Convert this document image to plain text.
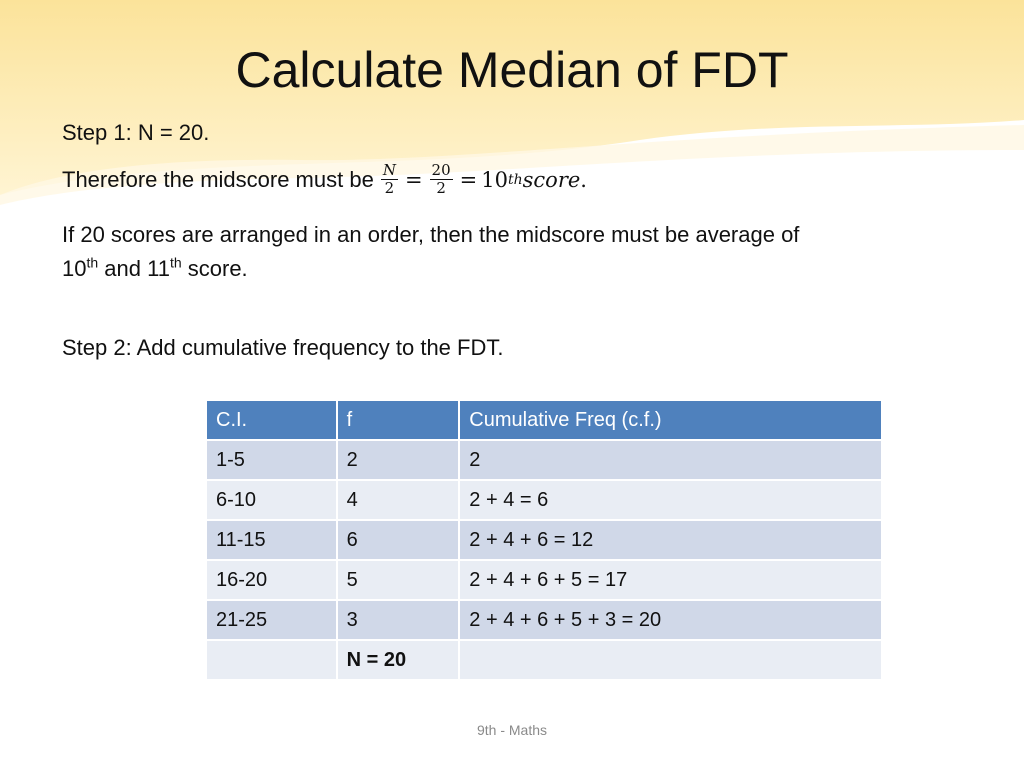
Calculate Median of FDT
Step 1: N = 20.
Therefore the midscore must be $\frac{N}{2} = \frac{20}{2} = 10$ th score .
If 20 scores are arranged in an order, then the midscore must be average of
10th and 11th score.
Step 2: Add cumulative frequency to the FDT.
C.I.	f	Cumulative Freq (c.f.)
1-5	2	2
6-10	4	2 + 4 = 6
11-15	6	2 + 4 + 6 = 12
16-20	5	2 + 4 + 6 + 5 = 17
21-25	3	2 + 4 + 6 + 5 + 3 = 20
	N = 20	
9th - Maths
